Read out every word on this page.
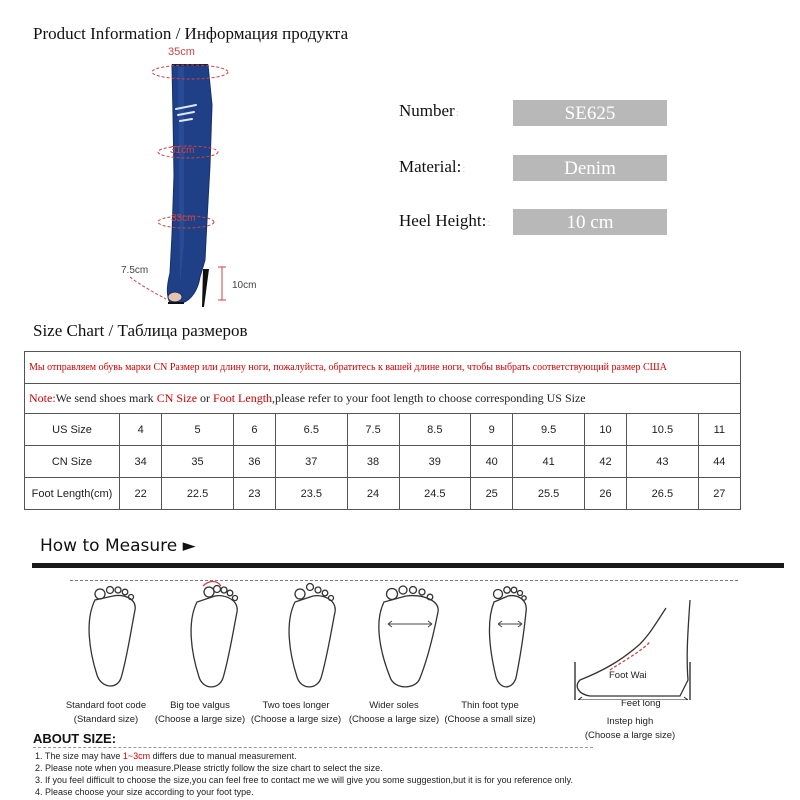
Product Information / Информация продукта
35cm
31cm
33cm
7.5cm
10cm
Number:	SE625
Material::	Denim
Heel Height::	10 cm
Size Chart / Таблица размеров
Мы отправляем обувь марки CN Размер или длину ноги, пожалуйста, обратитесь к вашей длине ноги, чтобы выбрать соответствующий размер США											
Note:We send shoes mark CN Size or Foot Length,please refer to your foot length to choose corresponding US Size											
US Size	4	5	6	6.5	7.5	8.5	9	9.5	10	10.5	11
CN Size	34	35	36	37	38	39	40	41	42	43	44
Foot Length(cm)	22	22.5	23	23.5	24	24.5	25	25.5	26	26.5	27
How to Measure ►
Foot Wai
Feet long
Standard foot code
(Standard size)
Big toe valgus
(Choose a large size)
Two toes longer
(Choose a large size)
Wider soles
(Choose a large size)
Thin foot type
(Choose a small size)	Instep high
(Choose a large size)
ABOUT SIZE:
1. The size may have 1~3cm differs due to manual measurement.
2. Please note when you measure.Please strictly follow the size chart to select the size.
3. If you feel difficult to choose the size,you can feel free to contact me we will give you some suggestion,but it is for you reference only.
4. Please choose your size according to your foot type.
